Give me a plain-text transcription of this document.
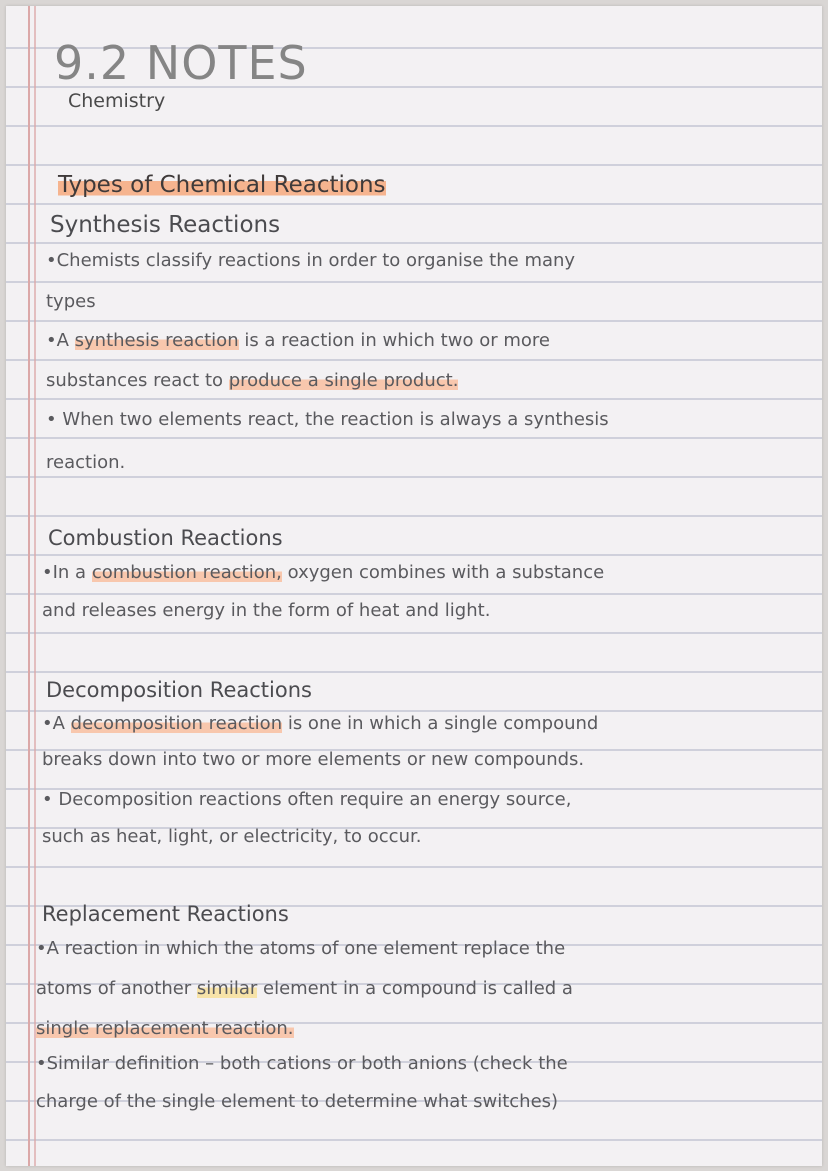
9.2 NOTES
Chemistry
Types of Chemical Reactions
Synthesis Reactions
•Chemists classify reactions in order to organise the many
types
•A synthesis reaction is a reaction in which two or more
substances react to produce a single product.
• When two elements react, the reaction is always a synthesis
reaction.
Combustion Reactions
•In a combustion reaction, oxygen combines with a substance
and releases energy in the form of heat and light.
Decomposition Reactions
•A decomposition reaction is one in which a single compound
breaks down into two or more elements or new compounds.
• Decomposition reactions often require an energy source,
such as heat, light, or electricity, to occur.
Replacement Reactions
•A reaction in which the atoms of one element replace the
atoms of another similar element in a compound is called a
single replacement reaction.
•Similar definition – both cations or both anions (check the
charge of the single element to determine what switches)
